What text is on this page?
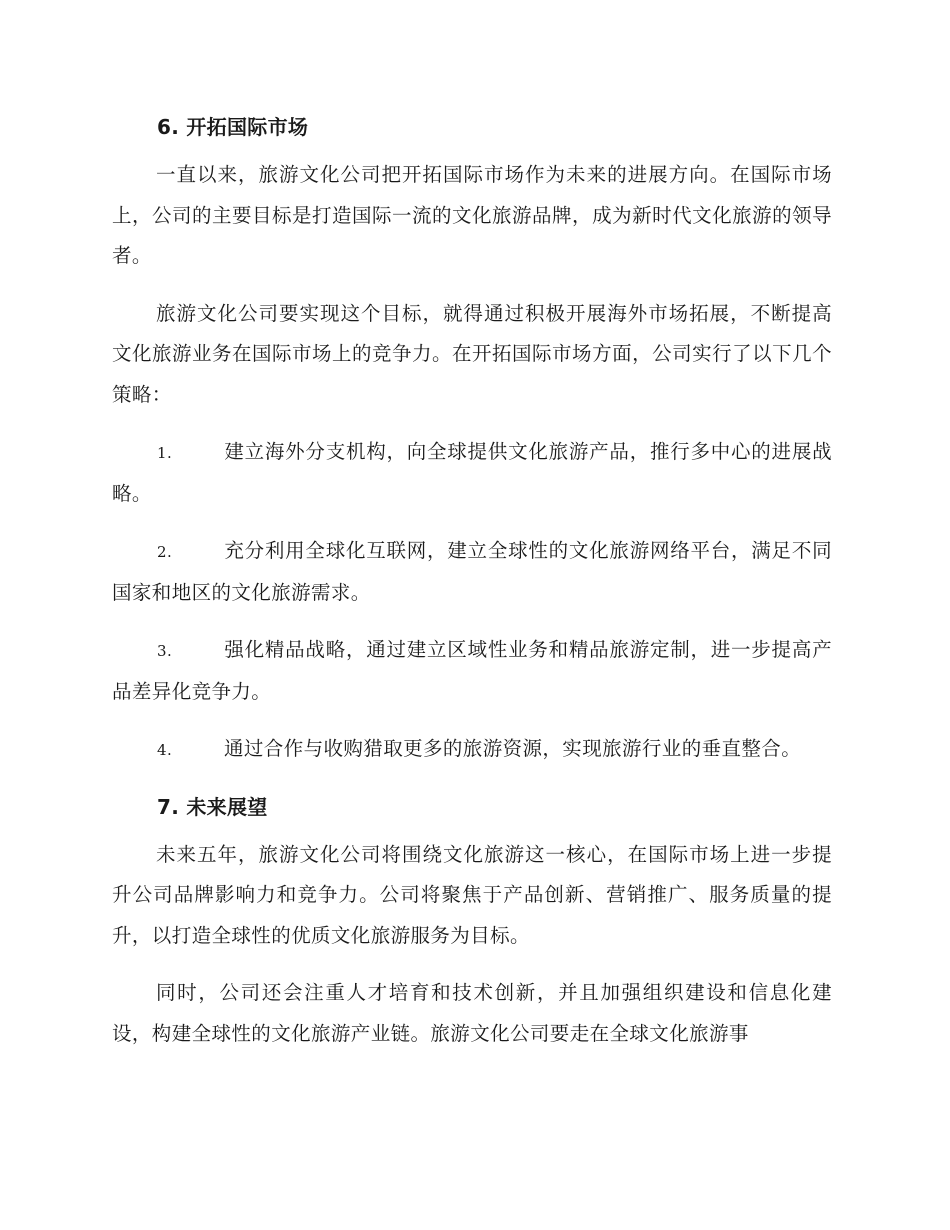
6. 开拓国际市场

一直以来，旅游文化公司把开拓国际市场作为未来的进展方向。在国际市场上，公司的主要目标是打造国际一流的文化旅游品牌，成为新时代文化旅游的领导者。

旅游文化公司要实现这个目标，就得通过积极开展海外市场拓展，不断提高文化旅游业务在国际市场上的竞争力。在开拓国际市场方面，公司实行了以下几个策略：

1.	建立海外分支机构，向全球提供文化旅游产品，推行多中心的进展战略。
2.	充分利用全球化互联网，建立全球性的文化旅游网络平台，满足不同国家和地区的文化旅游需求。
3.	强化精品战略，通过建立区域性业务和精品旅游定制，进一步提高产品差异化竞争力。
4.	通过合作与收购猎取更多的旅游资源，实现旅游行业的垂直整合。
7. 未来展望

未来五年，旅游文化公司将围绕文化旅游这一核心，在国际市场上进一步提升公司品牌影响力和竞争力。公司将聚焦于产品创新、营销推广、服务质量的提升，以打造全球性的优质文化旅游服务为目标。

同时，公司还会注重人才培育和技术创新，并且加强组织建设和信息化建设，构建全球性的文化旅游产业链。旅游文化公司要走在全球文化旅游事
